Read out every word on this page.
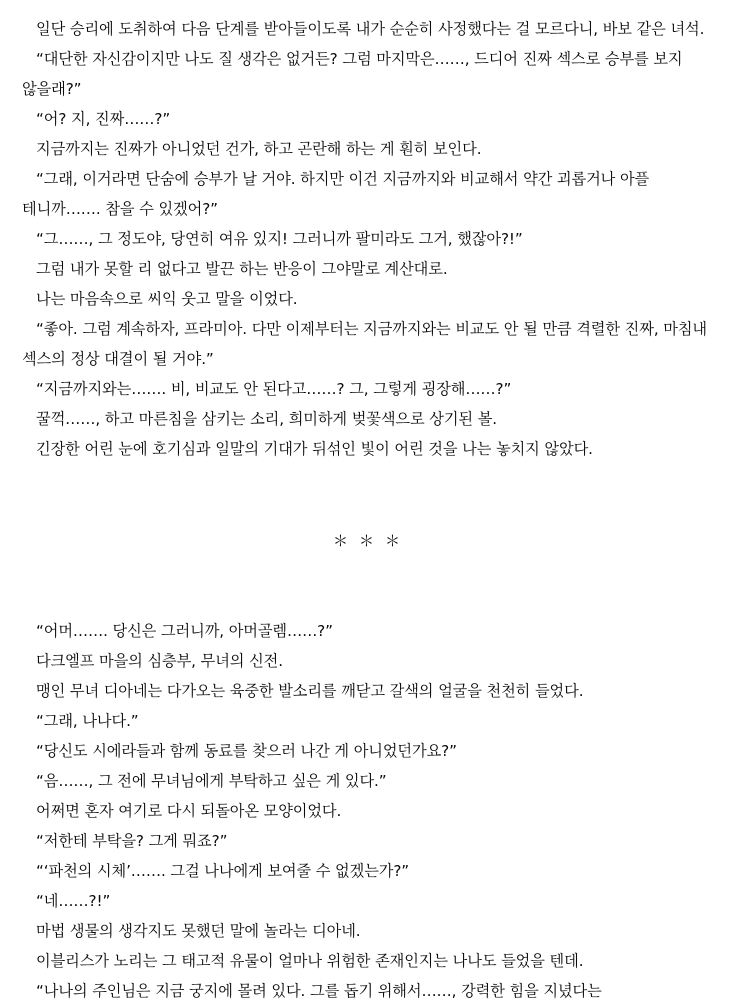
일단 승리에 도취하여 다음 단계를 받아들이도록 내가 순순히 사정했다는 걸 모르다니, 바보 같은 녀석.

“대단한 자신감이지만 나도 질 생각은 없거든? 그럼 마지막은……, 드디어 진짜 섹스로 승부를 보지 않을래?”

“어? 지, 진짜……?”

지금까지는 진짜가 아니었던 건가, 하고 곤란해 하는 게 훤히 보인다.

“그래, 이거라면 단숨에 승부가 날 거야. 하지만 이건 지금까지와 비교해서 약간 괴롭거나 아플 테니까……. 참을 수 있겠어?”

“그……, 그 정도야, 당연히 여유 있지! 그러니까 팔미라도 그거, 했잖아?!”

그럼 내가 못할 리 없다고 발끈 하는 반응이 그야말로 계산대로.

나는 마음속으로 씨익 웃고 말을 이었다.

“좋아. 그럼 계속하자, 프라미아. 다만 이제부터는 지금까지와는 비교도 안 될 만큼 격렬한 진짜, 마침내 섹스의 정상 대결이 될 거야.”

“지금까지와는……. 비, 비교도 안 된다고……? 그, 그렇게 굉장해……?”

꿀꺽……, 하고 마른침을 삼키는 소리, 희미하게 벚꽃색으로 상기된 볼.

긴장한 어린 눈에 호기심과 일말의 기대가 뒤섞인 빛이 어린 것을 나는 놓치지 않았다.

＊ ＊ ＊

“어머……. 당신은 그러니까, 아머골렘……?”

다크엘프 마을의 심층부, 무녀의 신전.

맹인 무녀 디아네는 다가오는 육중한 발소리를 깨닫고 갈색의 얼굴을 천천히 들었다.

“그래, 나나다.”

“당신도 시에라들과 함께 동료를 찾으러 나간 게 아니었던가요?”

“음……, 그 전에 무녀님에게 부탁하고 싶은 게 있다.”

어쩌면 혼자 여기로 다시 되돌아온 모양이었다.

“저한테 부탁을? 그게 뭐죠?”

“‘파천의 시체’……. 그걸 나나에게 보여줄 수 없겠는가?”

“네……?!”

마법 생물의 생각지도 못했던 말에 놀라는 디아네.

이블리스가 노리는 그 태고적 유물이 얼마나 위험한 존재인지는 나나도 들었을 텐데.

“나나의 주인님은 지금 궁지에 몰려 있다. 그를 돕기 위해서……, 강력한 힘을 지녔다는
